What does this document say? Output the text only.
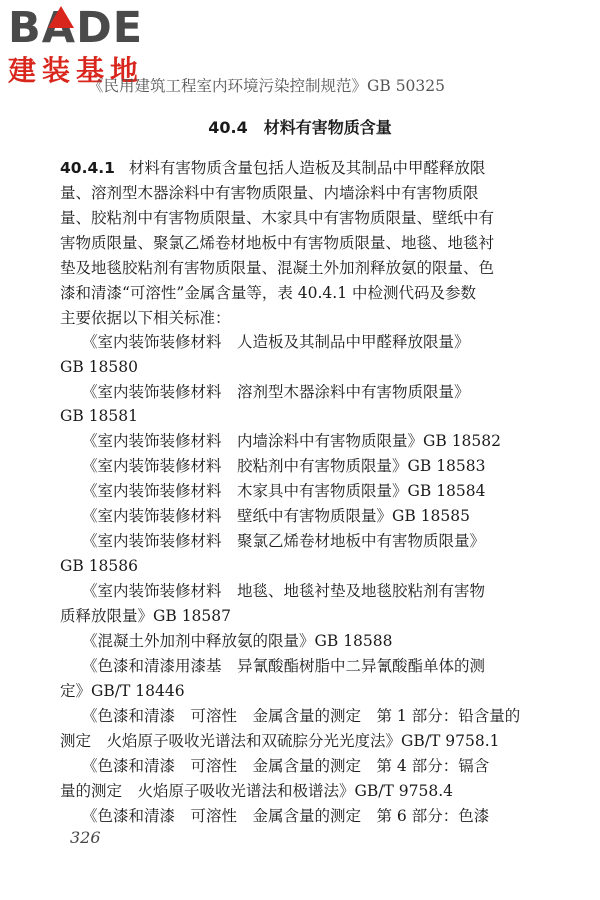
BA
DE
建装基地
《民用建筑工程室内环境污染控制规范》GB 50325
40.4　材料有害物质含量
40.4.1 材料有害物质含量包括人造板及其制品中甲醛释放限
量、溶剂型木器涂料中有害物质限量、内墙涂料中有害物质限
量、胶粘剂中有害物质限量、木家具中有害物质限量、壁纸中有
害物质限量、聚氯乙烯卷材地板中有害物质限量、地毯、地毯衬
垫及地毯胶粘剂有害物质限量、混凝土外加剂释放氨的限量、色
漆和清漆“可溶性”金属含量等，表 40.4.1 中检测代码及参数
主要依据以下相关标准：
《室内装饰装修材料　人造板及其制品中甲醛释放限量》
GB 18580
《室内装饰装修材料　溶剂型木器涂料中有害物质限量》
GB 18581
《室内装饰装修材料　内墙涂料中有害物质限量》GB 18582
《室内装饰装修材料　胶粘剂中有害物质限量》GB 18583
《室内装饰装修材料　木家具中有害物质限量》GB 18584
《室内装饰装修材料　壁纸中有害物质限量》GB 18585
《室内装饰装修材料　聚氯乙烯卷材地板中有害物质限量》
GB 18586
《室内装饰装修材料　地毯、地毯衬垫及地毯胶粘剂有害物
质释放限量》GB 18587
《混凝土外加剂中释放氨的限量》GB 18588
《色漆和清漆用漆基　异氰酸酯树脂中二异氰酸酯单体的测
定》GB/T 18446
《色漆和清漆　可溶性　金属含量的测定　第 1 部分：铅含量的
测定　火焰原子吸收光谱法和双硫腙分光光度法》GB/T 9758.1
《色漆和清漆　可溶性　金属含量的测定　第 4 部分：镉含
量的测定　火焰原子吸收光谱法和极谱法》GB/T 9758.4
《色漆和清漆　可溶性　金属含量的测定　第 6 部分：色漆
326
